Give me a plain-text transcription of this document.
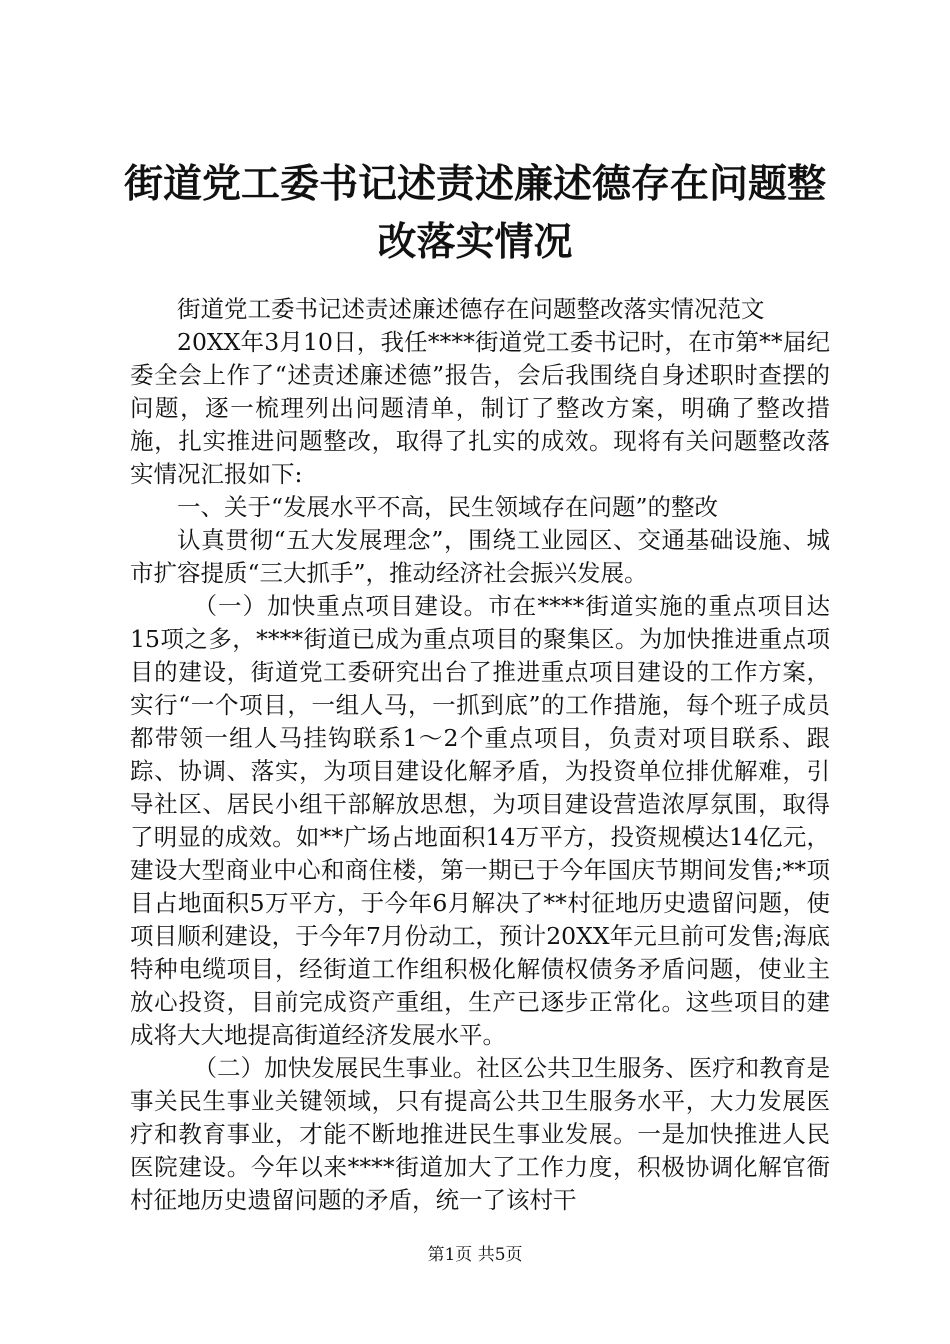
街道党工委书记述责述廉述德存在问题整改落实情况

街道党工委书记述责述廉述德存在问题整改落实情况范文

20XX年3月10日，我任****街道党工委书记时，在市第**届纪委全会上作了“述责述廉述德”报告，会后我围绕自身述职时查摆的问题，逐一梳理列出问题清单，制订了整改方案，明确了整改措施，扎实推进问题整改，取得了扎实的成效。现将有关问题整改落实情况汇报如下:

一、关于“发展水平不高，民生领域存在问题”的整改

认真贯彻“五大发展理念”，围绕工业园区、交通基础设施、城市扩容提质“三大抓手”，推动经济社会振兴发展。

（一）加快重点项目建设。市在****街道实施的重点项目达15项之多，****街道已成为重点项目的聚集区。为加快推进重点项目的建设，街道党工委研究出台了推进重点项目建设的工作方案，实行“一个项目，一组人马，一抓到底”的工作措施，每个班子成员都带领一组人马挂钩联系1～2个重点项目，负责对项目联系、跟踪、协调、落实，为项目建设化解矛盾，为投资单位排优解难，引导社区、居民小组干部解放思想，为项目建设营造浓厚氛围，取得了明显的成效。如**广场占地面积14万平方，投资规模达14亿元，建设大型商业中心和商住楼，第一期已于今年国庆节期间发售;**项目占地面积5万平方，于今年6月解决了**村征地历史遗留问题，使项目顺利建设，于今年7月份动工，预计20XX年元旦前可发售;海底特种电缆项目，经街道工作组积极化解债权债务矛盾问题，使业主放心投资，目前完成资产重组，生产已逐步正常化。这些项目的建成将大大地提高街道经济发展水平。

（二）加快发展民生事业。社区公共卫生服务、医疗和教育是事关民生事业关键领域，只有提高公共卫生服务水平，大力发展医疗和教育事业，才能不断地推进民生事业发展。一是加快推进人民医院建设。今年以来****街道加大了工作力度，积极协调化解官衙村征地历史遗留问题的矛盾，统一了该村干

第1页 共5页
